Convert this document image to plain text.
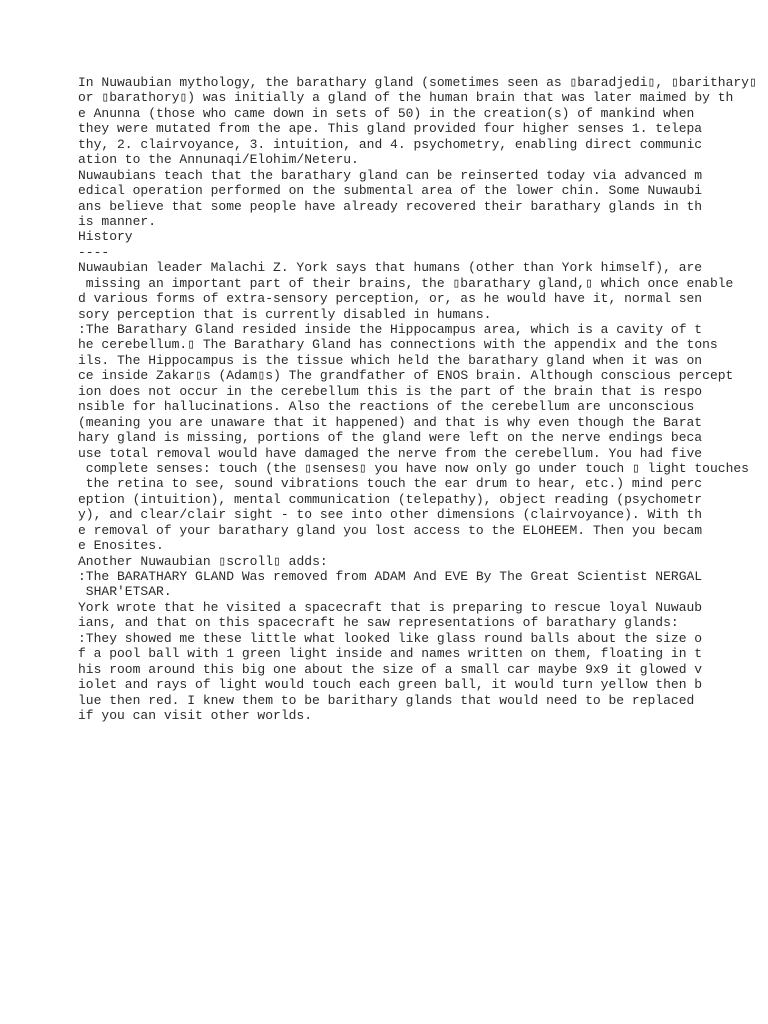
In Nuwaubian mythology, the barathary gland (sometimes seen as ▯baradjedi▯, ▯barithary▯
or ▯barathory▯) was initially a gland of the human brain that was later maimed by th
e Anunna (those who came down in sets of 50) in the creation(s) of mankind when
they were mutated from the ape. This gland provided four higher senses 1. telepa
thy, 2. clairvoyance, 3. intuition, and 4. psychometry, enabling direct communic
ation to the Annunaqi/Elohim/Neteru.
Nuwaubians teach that the barathary gland can be reinserted today via advanced m
edical operation performed on the submental area of the lower chin. Some Nuwaubi
ans believe that some people have already recovered their barathary glands in th
is manner.
History
----
Nuwaubian leader Malachi Z. York says that humans (other than York himself), are
missing an important part of their brains, the ▯barathary gland,▯ which once enable
d various forms of extra-sensory perception, or, as he would have it, normal sen
sory perception that is currently disabled in humans.
:The Barathary Gland resided inside the Hippocampus area, which is a cavity of t
he cerebellum.▯ The Barathary Gland has connections with the appendix and the tons
ils. The Hippocampus is the tissue which held the barathary gland when it was on
ce inside Zakar▯s (Adam▯s) The grandfather of ENOS brain. Although conscious percept
ion does not occur in the cerebellum this is the part of the brain that is respo
nsible for hallucinations. Also the reactions of the cerebellum are unconscious
(meaning you are unaware that it happened) and that is why even though the Barat
hary gland is missing, portions of the gland were left on the nerve endings beca
use total removal would have damaged the nerve from the cerebellum. You had five
complete senses: touch (the ▯senses▯ you have now only go under touch ▯ light touches
the retina to see, sound vibrations touch the ear drum to hear, etc.) mind perc
eption (intuition), mental communication (telepathy), object reading (psychometr
y), and clear/clair sight - to see into other dimensions (clairvoyance). With th
e removal of your barathary gland you lost access to the ELOHEEM. Then you becam
e Enosites.
Another Nuwaubian ▯scroll▯ adds:
:The BARATHARY GLAND Was removed from ADAM And EVE By The Great Scientist NERGAL
SHAR'ETSAR.
York wrote that he visited a spacecraft that is preparing to rescue loyal Nuwaub
ians, and that on this spacecraft he saw representations of barathary glands:
:They showed me these little what looked like glass round balls about the size o
f a pool ball with 1 green light inside and names written on them, floating in t
his room around this big one about the size of a small car maybe 9x9 it glowed v
iolet and rays of light would touch each green ball, it would turn yellow then b
lue then red. I knew them to be barithary glands that would need to be replaced
if you can visit other worlds.
